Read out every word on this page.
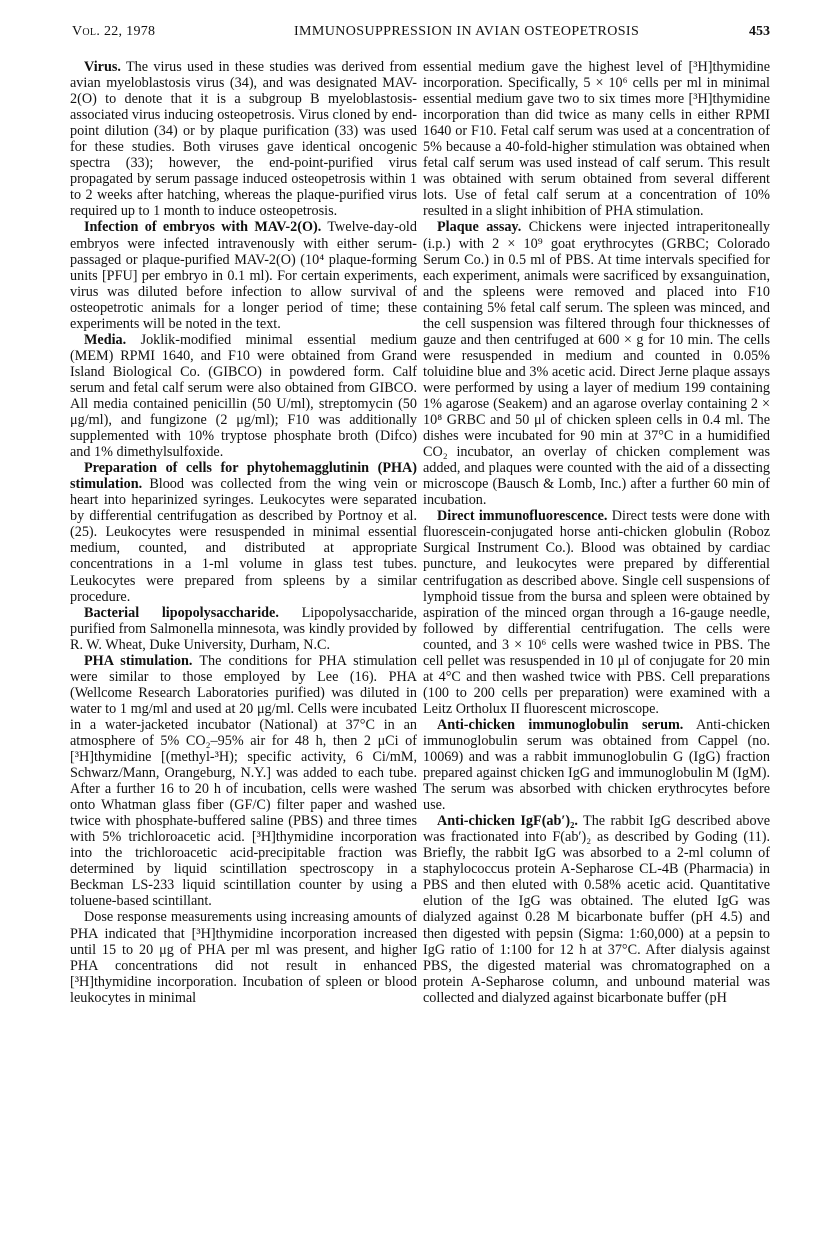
Vol. 22, 1978	IMMUNOSUPPRESSION IN AVIAN OSTEOPETROSIS	453

Virus. The virus used in these studies was derived from avian myeloblastosis virus (34), and was designated MAV-2(O) to denote that it is a subgroup B myeloblastosis-associated virus inducing osteopetrosis. Virus cloned by end-point dilution (34) or by plaque purification (33) was used for these studies. Both viruses gave identical oncogenic spectra (33); however, the end-point-purified virus propagated by serum passage induced osteopetrosis within 1 to 2 weeks after hatching, whereas the plaque-purified virus required up to 1 month to induce osteopetrosis.

Infection of embryos with MAV-2(O). Twelve-day-old embryos were infected intravenously with either serum-passaged or plaque-purified MAV-2(O) (10⁴ plaque-forming units [PFU] per embryo in 0.1 ml). For certain experiments, virus was diluted before infection to allow survival of osteopetrotic animals for a longer period of time; these experiments will be noted in the text.

Media. Joklik-modified minimal essential medium (MEM) RPMI 1640, and F10 were obtained from Grand Island Biological Co. (GIBCO) in powdered form. Calf serum and fetal calf serum were also obtained from GIBCO. All media contained penicillin (50 U/ml), streptomycin (50 μg/ml), and fungizone (2 μg/ml); F10 was additionally supplemented with 10% tryptose phosphate broth (Difco) and 1% dimethylsulfoxide.

Preparation of cells for phytohemagglutinin (PHA) stimulation. Blood was collected from the wing vein or heart into heparinized syringes. Leukocytes were separated by differential centrifugation as described by Portnoy et al. (25). Leukocytes were resuspended in minimal essential medium, counted, and distributed at appropriate concentrations in a 1-ml volume in glass test tubes. Leukocytes were prepared from spleens by a similar procedure.

Bacterial lipopolysaccharide. Lipopolysaccharide, purified from Salmonella minnesota, was kindly provided by R. W. Wheat, Duke University, Durham, N.C.

PHA stimulation. The conditions for PHA stimulation were similar to those employed by Lee (16). PHA (Wellcome Research Laboratories purified) was diluted in water to 1 mg/ml and used at 20 μg/ml. Cells were incubated in a water-jacketed incubator (National) at 37°C in an atmosphere of 5% CO₂–95% air for 48 h, then 2 μCi of [³H]thymidine [(methyl-³H); specific activity, 6 Ci/mM, Schwarz/Mann, Orangeburg, N.Y.] was added to each tube. After a further 16 to 20 h of incubation, cells were washed onto Whatman glass fiber (GF/C) filter paper and washed twice with phosphate-buffered saline (PBS) and three times with 5% trichloroacetic acid. [³H]thymidine incorporation into the trichloroacetic acid-precipitable fraction was determined by liquid scintillation spectroscopy in a Beckman LS-233 liquid scintillation counter by using a toluene-based scintillant.

Dose response measurements using increasing amounts of PHA indicated that [³H]thymidine incorporation increased until 15 to 20 μg of PHA per ml was present, and higher PHA concentrations did not result in enhanced [³H]thymidine incorporation. Incubation of spleen or blood leukocytes in minimal

essential medium gave the highest level of [³H]thymidine incorporation. Specifically, 5 × 10⁶ cells per ml in minimal essential medium gave two to six times more [³H]thymidine incorporation than did twice as many cells in either RPMI 1640 or F10. Fetal calf serum was used at a concentration of 5% because a 40-fold-higher stimulation was obtained when fetal calf serum was used instead of calf serum. This result was obtained with serum obtained from several different lots. Use of fetal calf serum at a concentration of 10% resulted in a slight inhibition of PHA stimulation.

Plaque assay. Chickens were injected intraperitoneally (i.p.) with 2 × 10⁹ goat erythrocytes (GRBC; Colorado Serum Co.) in 0.5 ml of PBS. At time intervals specified for each experiment, animals were sacrificed by exsanguination, and the spleens were removed and placed into F10 containing 5% fetal calf serum. The spleen was minced, and the cell suspension was filtered through four thicknesses of gauze and then centrifuged at 600 × g for 10 min. The cells were resuspended in medium and counted in 0.05% toluidine blue and 3% acetic acid. Direct Jerne plaque assays were performed by using a layer of medium 199 containing 1% agarose (Seakem) and an agarose overlay containing 2 × 10⁸ GRBC and 50 μl of chicken spleen cells in 0.4 ml. The dishes were incubated for 90 min at 37°C in a humidified CO₂ incubator, an overlay of chicken complement was added, and plaques were counted with the aid of a dissecting microscope (Bausch & Lomb, Inc.) after a further 60 min of incubation.

Direct immunofluorescence. Direct tests were done with fluorescein-conjugated horse anti-chicken globulin (Roboz Surgical Instrument Co.). Blood was obtained by cardiac puncture, and leukocytes were prepared by differential centrifugation as described above. Single cell suspensions of lymphoid tissue from the bursa and spleen were obtained by aspiration of the minced organ through a 16-gauge needle, followed by differential centrifugation. The cells were counted, and 3 × 10⁶ cells were washed twice in PBS. The cell pellet was resuspended in 10 μl of conjugate for 20 min at 4°C and then washed twice with PBS. Cell preparations (100 to 200 cells per preparation) were examined with a Leitz Ortholux II fluorescent microscope.

Anti-chicken immunoglobulin serum. Anti-chicken immunoglobulin serum was obtained from Cappel (no. 10069) and was a rabbit immunoglobulin G (IgG) fraction prepared against chicken IgG and immunoglobulin M (IgM). The serum was absorbed with chicken erythrocytes before use.

Anti-chicken IgF(ab′)₂. The rabbit IgG described above was fractionated into F(ab′)₂ as described by Goding (11). Briefly, the rabbit IgG was absorbed to a 2-ml column of staphylococcus protein A-Sepharose CL-4B (Pharmacia) in PBS and then eluted with 0.58% acetic acid. Quantitative elution of the IgG was obtained. The eluted IgG was dialyzed against 0.28 M bicarbonate buffer (pH 4.5) and then digested with pepsin (Sigma: 1:60,000) at a pepsin to IgG ratio of 1:100 for 12 h at 37°C. After dialysis against PBS, the digested material was chromatographed on a protein A-Sepharose column, and unbound material was collected and dialyzed against bicarbonate buffer (pH
